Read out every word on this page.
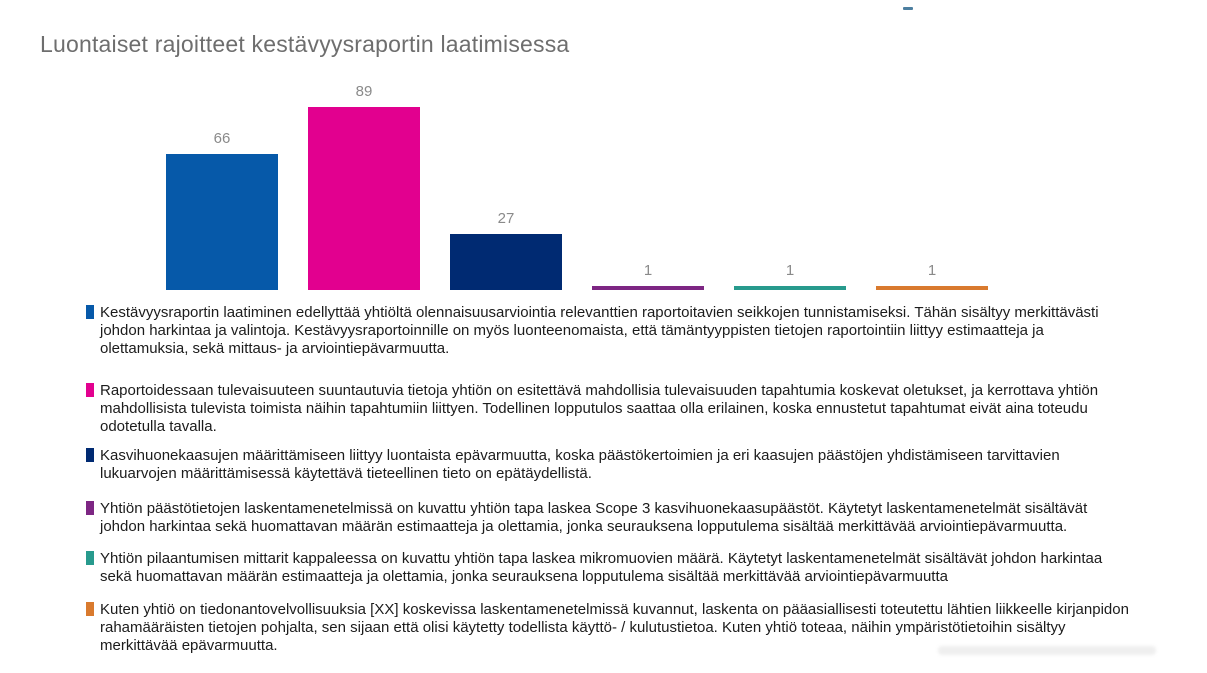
Luontaiset rajoitteet kestävyysraportin laatimisessa
66
89
27
1	1	1
Kestävyysraportin laatiminen edellyttää yhtiöltä olennaisuusarviointia relevanttien raportoitavien seikkojen tunnistamiseksi. Tähän sisältyy merkittävästi johdon harkintaa ja valintoja. Kestävyysraportoinnille on myös luonteenomaista, että tämäntyyppisten tietojen raportointiin liittyy estimaatteja ja olettamuksia, sekä mittaus- ja arviointiepävarmuutta.
Raportoidessaan tulevaisuuteen suuntautuvia tietoja yhtiön on esitettävä mahdollisia tulevaisuuden tapahtumia koskevat oletukset, ja kerrottava yhtiön mahdollisista tulevista toimista näihin tapahtumiin liittyen. Todellinen lopputulos saattaa olla erilainen, koska ennustetut tapahtumat eivät aina toteudu odotetulla tavalla.
Kasvihuonekaasujen määrittämiseen liittyy luontaista epävarmuutta, koska päästökertoimien ja eri kaasujen päästöjen yhdistämiseen tarvittavien lukuarvojen määrittämisessä käytettävä tieteellinen tieto on epätäydellistä.
Yhtiön päästötietojen laskentamenetelmissä on kuvattu yhtiön tapa laskea Scope 3 kasvihuonekaasupäästöt. Käytetyt laskentamenetelmät sisältävät johdon harkintaa sekä huomattavan määrän estimaatteja ja olettamia, jonka seurauksena lopputulema sisältää merkittävää arviointiepävarmuutta.
Yhtiön pilaantumisen mittarit kappaleessa on kuvattu yhtiön tapa laskea mikromuovien määrä. Käytetyt laskentamenetelmät sisältävät johdon harkintaa sekä huomattavan määrän estimaatteja ja olettamia, jonka seurauksena lopputulema sisältää merkittävää arviointiepävarmuutta
Kuten yhtiö on tiedonantovelvollisuuksia [XX] koskevissa laskentamenetelmissä kuvannut, laskenta on pääasiallisesti toteutettu lähtien liikkeelle kirjanpidon rahamääräisten tietojen pohjalta, sen sijaan että olisi käytetty todellista käyttö- / kulutustietoa. Kuten yhtiö toteaa, näihin ympäristötietoihin sisältyy merkittävää epävarmuutta.
